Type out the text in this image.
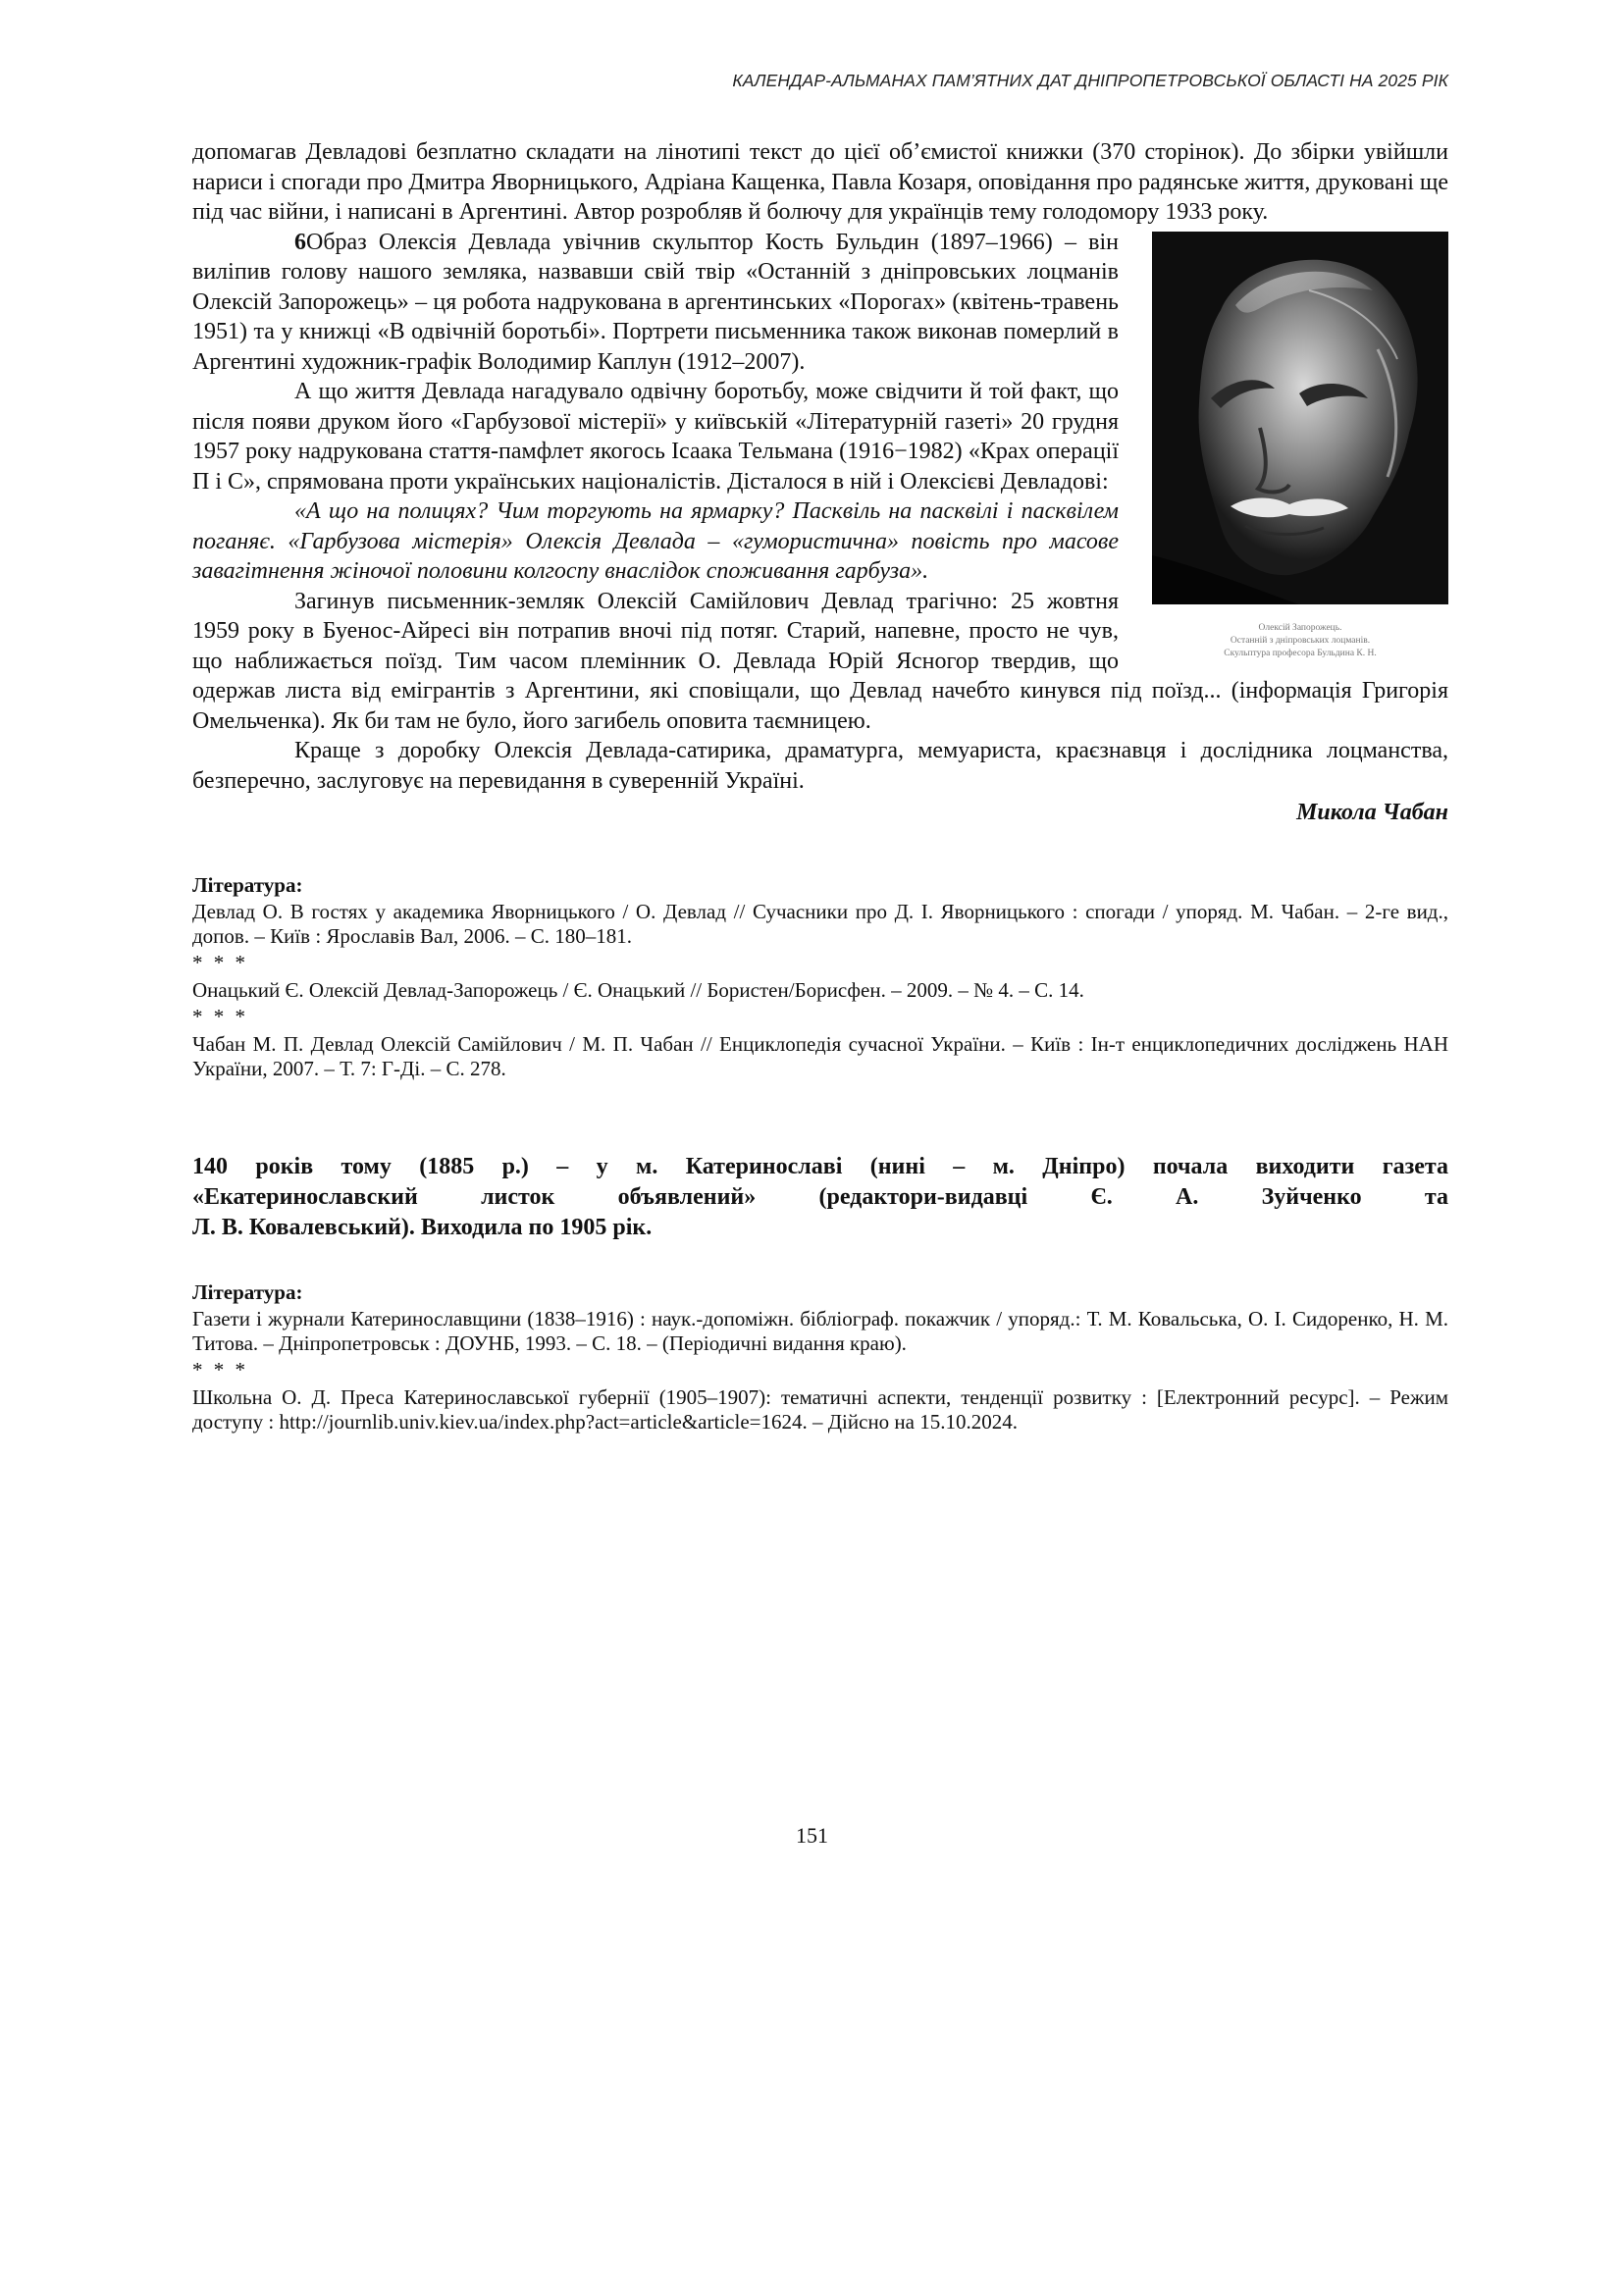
КАЛЕНДАР-АЛЬМАНАХ ПАМ’ЯТНИХ ДАТ ДНІПРОПЕТРОВСЬКОЇ ОБЛАСТІ НА 2025 РІК

допомагав Девладові безплатно складати на лінотипі текст до цієї об’ємистої книжки (370 сторінок). До збірки увійшли нариси і спогади про Дмитра Яворницького, Адріана Кащенка, Павла Козаря, оповідання про радянське життя, друковані ще під час війни, і написані в Аргентині. Автор розробляв й болючу для українців тему голодомору 1933 року.

Олексій Запорожець.
Останній з дніпровських лоцманів.
Скульптура професора Бульдина К. Н.

6Образ Олексія Девлада увічнив скульптор Кость Бульдин (1897–1966) – він виліпив голову нашого земляка, назвавши свій твір «Останній з дніпровських лоцманів Олексій Запорожець» – ця робота надрукована в аргентинських «Порогах» (квітень-травень 1951) та у книжці «В одвічній боротьбі». Портрети письменника також виконав померлий в Аргентині художник-графік Володимир Каплун (1912–2007).

А що життя Девлада нагадувало одвічну боротьбу, може свідчити й той факт, що після появи друком його «Гарбузової містерії» у київській «Літературній газеті» 20 грудня 1957 року надрукована стаття-памфлет якогось Ісаака Тельмана (1916−1982) «Крах операції П і С», спрямована проти українських націоналістів. Дісталося в ній і Олексієві Девладові:

«А що на полицях? Чим торгують на ярмарку? Пасквіль на пасквілі і пасквілем поганяє. «Гарбузова містерія» Олексія Девлада – «гумористична» повість про масове завагітнення жіночої половини колгоспу внаслідок споживання гарбуза».

Загинув письменник-земляк Олексій Самійлович Девлад трагічно: 25 жовтня 1959 року в Буенос-Айресі він потрапив вночі під потяг. Старий, напевне, просто не чув, що наближається поїзд. Тим часом племінник О. Девлада Юрій Ясногор твердив, що одержав листа від емігрантів з Аргентини, які сповіщали, що Девлад начебто кинувся під поїзд... (інформація Григорія Омельченка). Як би там не було, його загибель оповита таємницею.

Краще з доробку Олексія Девлада-сатирика, драматурга, мемуариста, краєзнавця і дослідника лоцманства, безперечно, заслуговує на перевидання в суверенній Україні.

Микола Чабан
Література:
Девлад О. В гостях у академика Яворницького / О. Девлад // Сучасники про Д. І. Яворницького : спогади / упоряд. М. Чабан. – 2-ге вид., допов. – Київ : Ярославів Вал, 2006. – С. 180–181.
* * *
Онацький Є. Олексій Девлад-Запорожець / Є. Онацький // Бористен/Борисфен. – 2009. – № 4. – С. 14.
* * *
Чабан М. П. Девлад Олексій Самійлович / М. П. Чабан // Енциклопедія сучасної України. – Київ : Ін-т енциклопедичних досліджень НАН України, 2007. – Т. 7: Г-Ді. – С. 278.
140 років тому (1885 р.) – у м. Катеринославі (нині – м. Дніпро) почала виходити газета
«Екатеринославский листок объявлений» (редактори-видавці Є. А. Зуйченко та
Л. В. Ковалевський). Виходила по 1905 рік.
Література:
Газети і журнали Катеринославщини (1838–1916) : наук.-допоміжн. бібліограф. покажчик / упоряд.: Т. М. Ковальська, О. І. Сидоренко, Н. М. Титова. – Дніпропетровськ : ДОУНБ, 1993. – С. 18. – (Періодичні видання краю).
* * *
Школьна О. Д. Преса Катеринославської губернії (1905–1907): тематичні аспекти, тенденції розвитку : [Електронний ресурс]. – Режим доступу : http://journlib.univ.kiev.ua/index.php?act=article&article=1624. – Дійсно на 15.10.2024.
151
